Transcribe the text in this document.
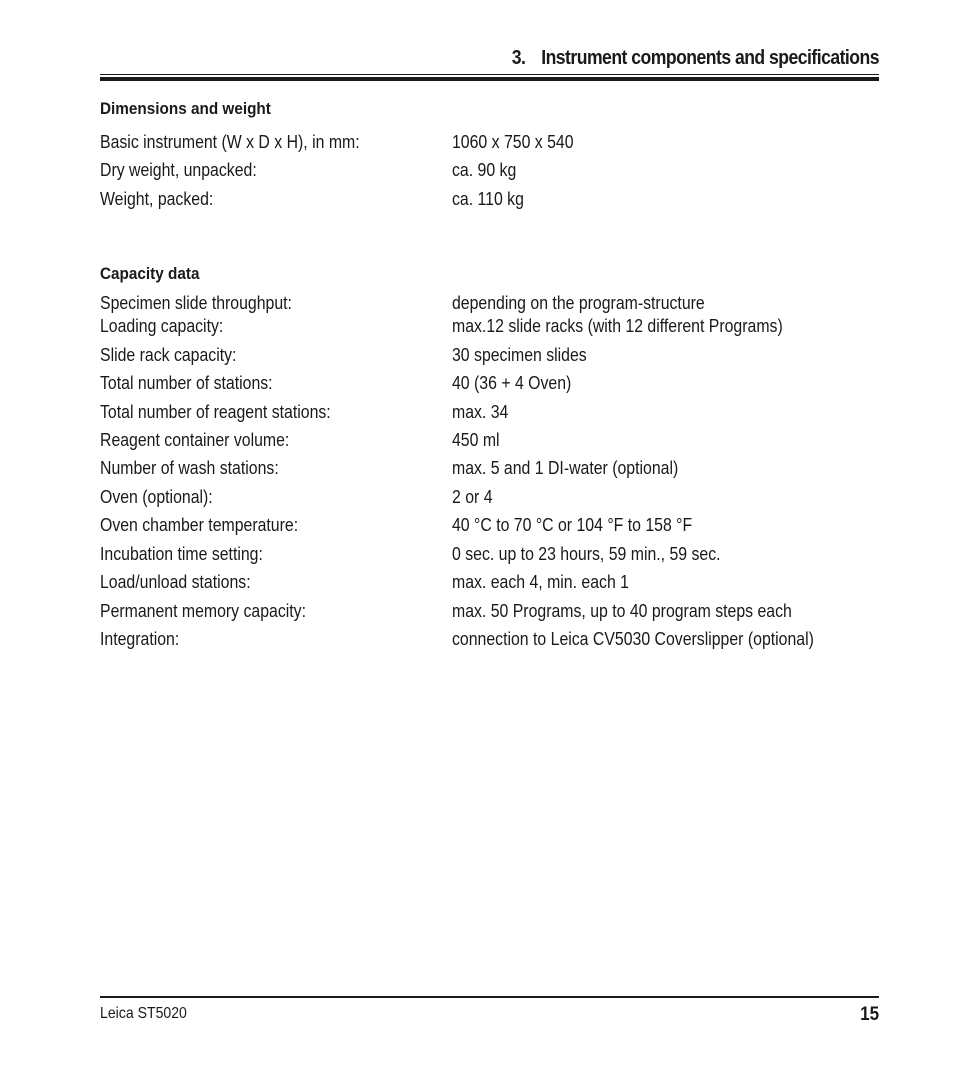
3. Instrument components and specifications
Dimensions and weight
Basic instrument (W x D x H), in mm:	1060 x 750 x 540
Dry weight, unpacked:	ca. 90 kg
Weight, packed:	ca. 110 kg
Capacity data
Specimen slide throughput:	depending on the program-structure
Loading capacity:	max.12 slide racks (with 12 different Programs)
Slide rack capacity:	30 specimen slides
Total number of stations:	40 (36 + 4 Oven)
Total number of reagent stations:	max. 34
Reagent container volume:	450 ml
Number of wash stations:	max. 5 and 1 DI-water (optional)
Oven (optional):	2 or 4
Oven chamber temperature:	40 °C to 70 °C or 104 °F to 158 °F
Incubation time setting:	0 sec. up to 23 hours, 59 min., 59 sec.
Load/unload stations:	max. each 4, min. each 1
Permanent memory capacity:	max. 50 Programs, up to 40 program steps each
Integration:	connection to Leica CV5030 Coverslipper (optional)
Leica ST5020	15
